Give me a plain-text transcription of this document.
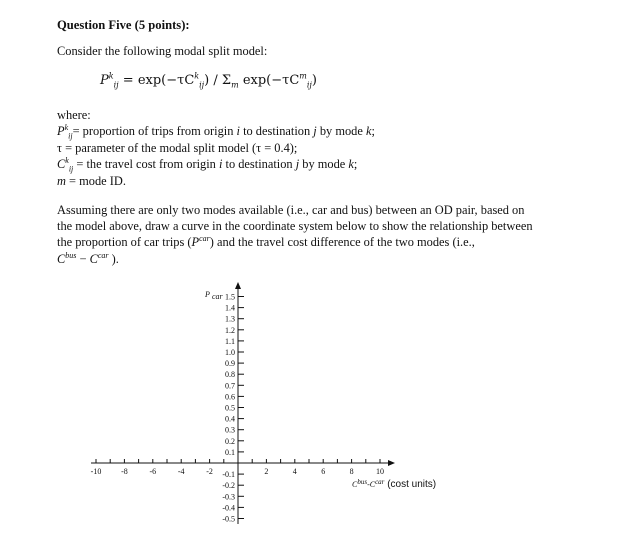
Question Five (5 points):
Consider the following modal split model:
$P^k_{ij} = \exp(-\tau C^k_{ij}) / \Sigma_m$ $\exp(-\tau C^m_{ij})$
where:
$P^k_{ij}=$ proportion of trips from origin i to destination j by mode k;
τ = parameter of the modal split model (τ = 0.4);
$C^k_{ij}$ = the travel cost from origin i to destination j by mode k;
m = mode ID.
Assuming there are only two modes available (i.e., car and bus) between an OD pair, based on
the model above, draw a curve in the coordinate system below to show the relationship between
the proportion of car trips $(P^{car})$ and the travel cost difference of the two modes (i.e.,
$C^{bus} - C^{car}$ ).
1.5
1.4
1.3
1.2
1.1
1.0
0.9
0.8
0.7
0.6
0.5
0.4
0.3
0.2
0.1
-0.1
-0.2
-0.3
-0.4
-0.5
-10 -8	-6	-4	-2	2	4	6	8	10
P car
Cbus-Ccar (cost units)
